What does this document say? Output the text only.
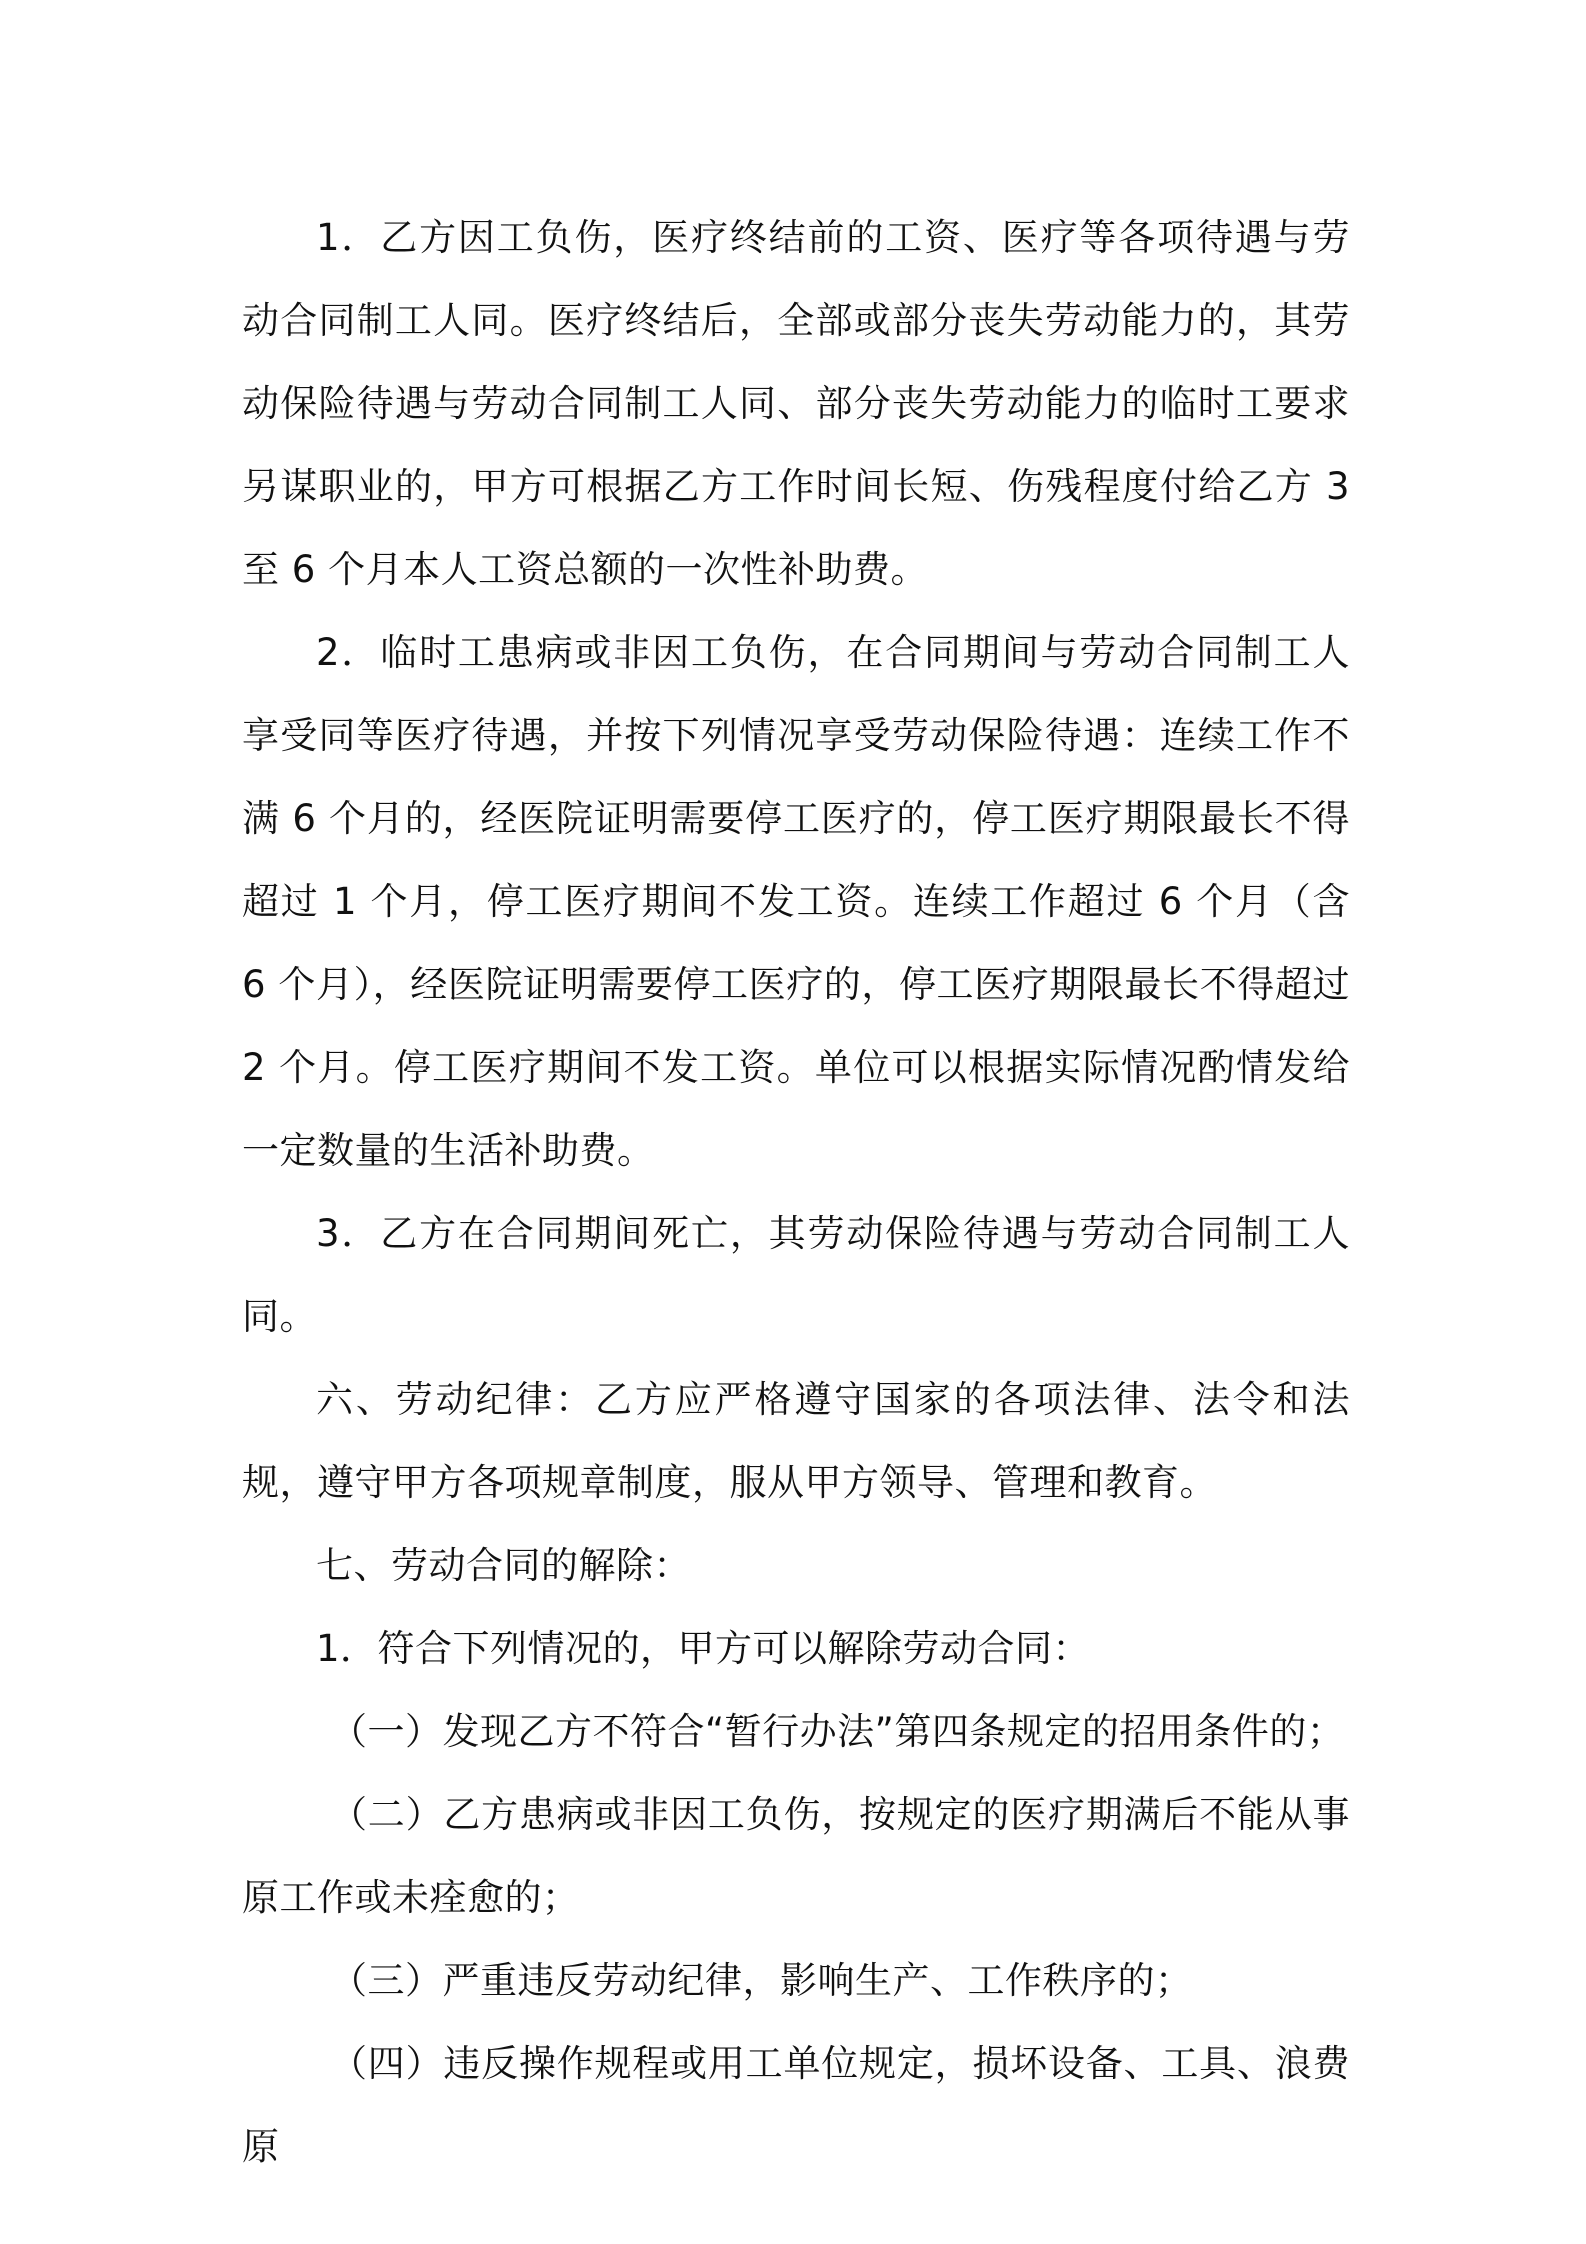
1．乙方因工负伤，医疗终结前的工资、医疗等各项待遇与劳动合同制工人同。医疗终结后，全部或部分丧失劳动能力的，其劳动保险待遇与劳动合同制工人同、部分丧失劳动能力的临时工要求另谋职业的，甲方可根据乙方工作时间长短、伤残程度付给乙方 3 至 6 个月本人工资总额的一次性补助费。

2．临时工患病或非因工负伤，在合同期间与劳动合同制工人享受同等医疗待遇，并按下列情况享受劳动保险待遇：连续工作不满 6 个月的，经医院证明需要停工医疗的，停工医疗期限最长不得超过 1 个月，停工医疗期间不发工资。连续工作超过 6 个月（含 6 个月），经医院证明需要停工医疗的，停工医疗期限最长不得超过 2 个月。停工医疗期间不发工资。单位可以根据实际情况酌情发给一定数量的生活补助费。

3．乙方在合同期间死亡，其劳动保险待遇与劳动合同制工人同。

六、劳动纪律：乙方应严格遵守国家的各项法律、法令和法规，遵守甲方各项规章制度，服从甲方领导、管理和教育。

七、劳动合同的解除：

1．符合下列情况的，甲方可以解除劳动合同：

（一）发现乙方不符合“暂行办法”第四条规定的招用条件的；

（二）乙方患病或非因工负伤，按规定的医疗期满后不能从事原工作或未痊愈的；

（三）严重违反劳动纪律，影响生产、工作秩序的；

（四）违反操作规程或用工单位规定，损坏设备、工具、浪费原
